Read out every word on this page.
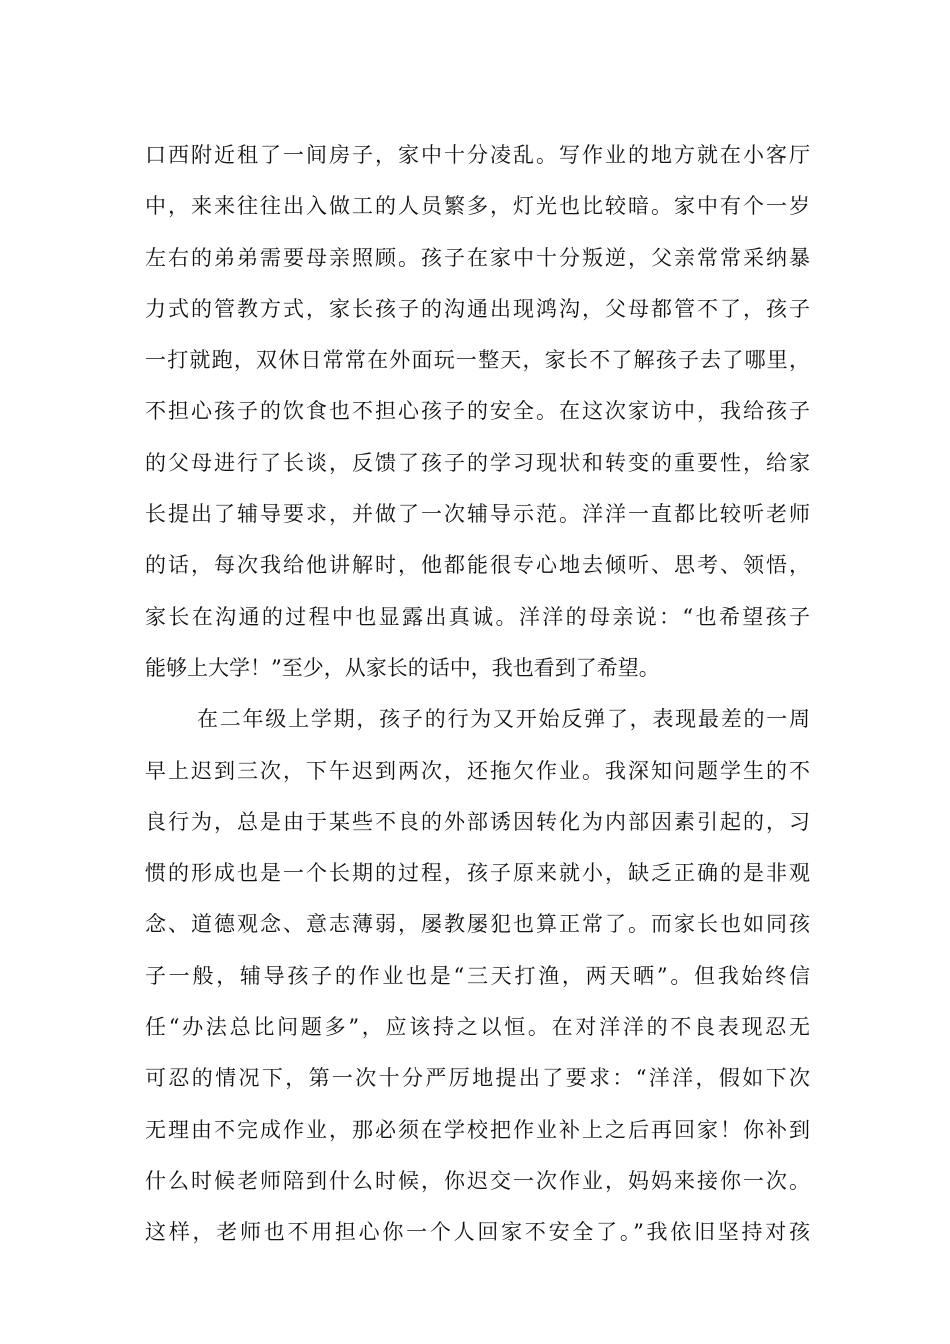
口西附近租了一间房子，家中十分凌乱。写作业的地方就在小客厅
中，来来往往出入做工的人员繁多，灯光也比较暗。家中有个一岁
左右的弟弟需要母亲照顾。孩子在家中十分叛逆，父亲常常采纳暴
力式的管教方式，家长孩子的沟通出现鸿沟，父母都管不了，孩子
一打就跑，双休日常常在外面玩一整天，家长不了解孩子去了哪里，
不担心孩子的饮食也不担心孩子的安全。在这次家访中，我给孩子
的父母进行了长谈，反馈了孩子的学习现状和转变的重要性，给家
长提出了辅导要求，并做了一次辅导示范。洋洋一直都比较听老师
的话，每次我给他讲解时，他都能很专心地去倾听、思考、领悟，
家长在沟通的过程中也显露出真诚。洋洋的母亲说：“也希望孩子
能够上大学！”至少，从家长的话中，我也看到了希望。
在二年级上学期，孩子的行为又开始反弹了，表现最差的一周
早上迟到三次，下午迟到两次，还拖欠作业。我深知问题学生的不
良行为，总是由于某些不良的外部诱因转化为内部因素引起的，习
惯的形成也是一个长期的过程，孩子原来就小，缺乏正确的是非观
念、道德观念、意志薄弱，屡教屡犯也算正常了。而家长也如同孩
子一般，辅导孩子的作业也是“三天打渔，两天晒”。但我始终信
任“办法总比问题多”，应该持之以恒。在对洋洋的不良表现忍无
可忍的情况下，第一次十分严厉地提出了要求：“洋洋，假如下次
无理由不完成作业，那必须在学校把作业补上之后再回家！你补到
什么时候老师陪到什么时候，你迟交一次作业，妈妈来接你一次。
这样，老师也不用担心你一个人回家不安全了。”我依旧坚持对孩
